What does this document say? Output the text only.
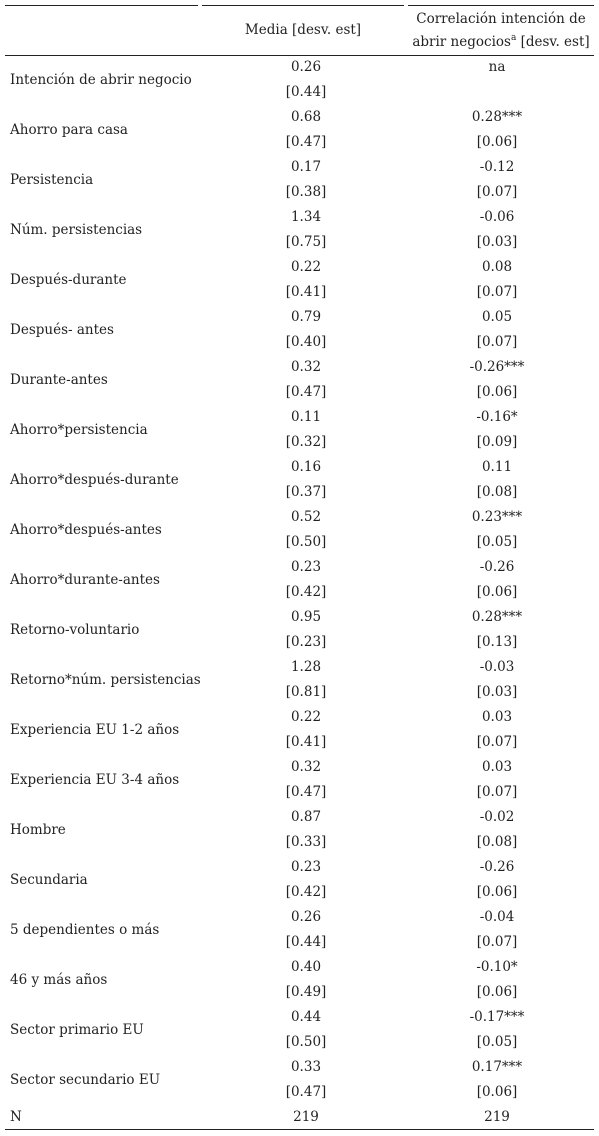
Media [desv. est]
Correlación intención de
abrir negocios$^a$ [desv. est]
Intención de abrir negocio
0.26
[0.44]
na
Ahorro para casa
0.68
[0.47]
0.28***
[0.06]
Persistencia
0.17
[0.38]
-0.12
[0.07]
Núm. persistencias
1.34
[0.75]
-0.06
[0.03]
Después-durante
0.22
[0.41]
0.08
[0.07]
Después- antes
0.79
[0.40]
0.05
[0.07]
Durante-antes
0.32
[0.47]
-0.26***
[0.06]
Ahorro*persistencia
0.11
[0.32]
-0.16*
[0.09]
Ahorro*después-durante
0.16
[0.37]
0.11
[0.08]
Ahorro*después-antes
0.52
[0.50]
0.23***
[0.05]
Ahorro*durante-antes
0.23
[0.42]
-0.26
[0.06]
Retorno-voluntario
0.95
[0.23]
0.28***
[0.13]
Retorno*núm. persistencias
1.28
[0.81]
-0.03
[0.03]
Experiencia EU 1-2 años
0.22
[0.41]
0.03
[0.07]
Experiencia EU 3-4 años
0.32
[0.47]
0.03
[0.07]
Hombre
0.87
[0.33]
-0.02
[0.08]
Secundaria
0.23
[0.42]
-0.26
[0.06]
5 dependientes o más
0.26
[0.44]
-0.04
[0.07]
46 y más años
0.40
[0.49]
-0.10*
[0.06]
Sector primario EU
0.44
[0.50]
-0.17***
[0.05]
Sector secundario EU
0.33
[0.47]
0.17***
[0.06]
N	219	219
